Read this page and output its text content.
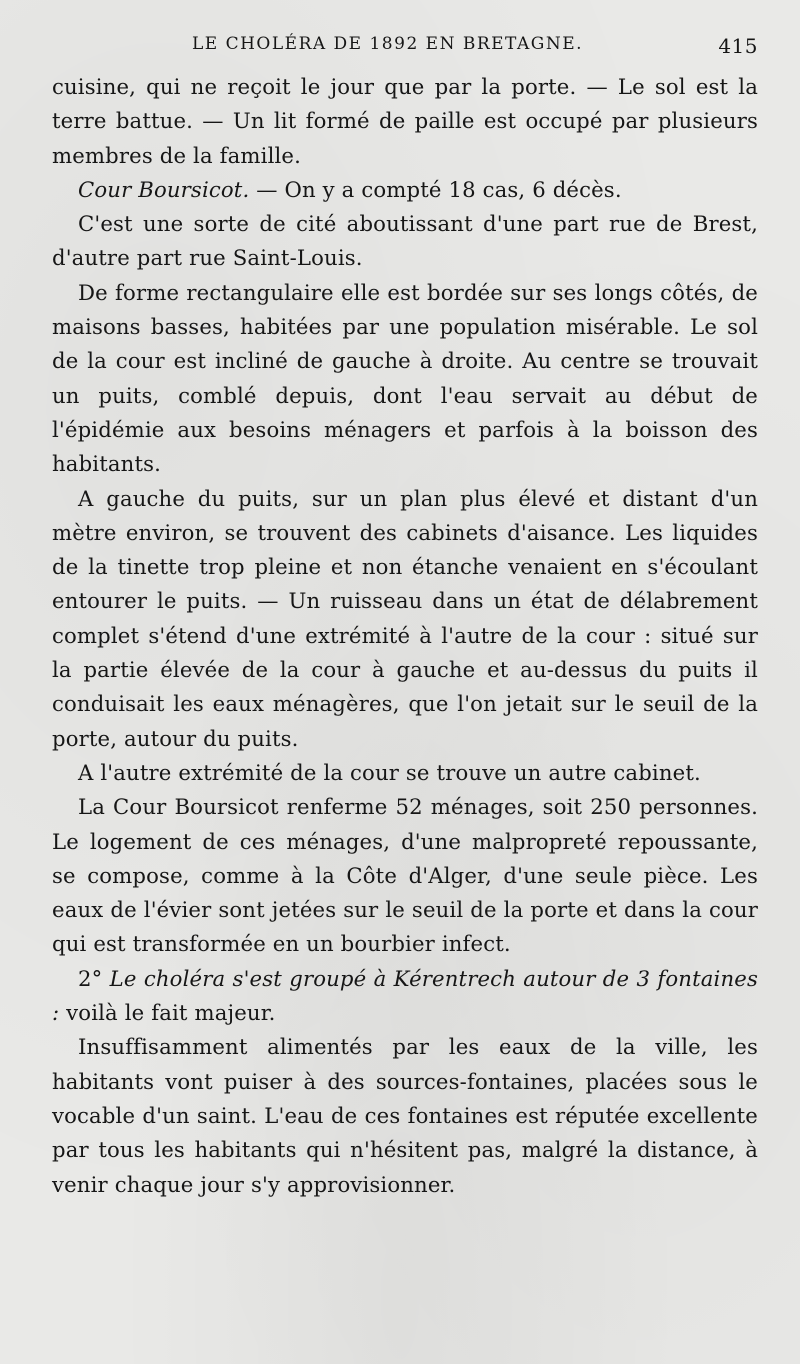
LE CHOLÉRA DE 1892 EN BRETAGNE.	415

cuisine, qui ne reçoit le jour que par la porte. — Le sol est la terre battue. — Un lit formé de paille est occupé par plusieurs membres de la famille.

Cour Boursicot. — On y a compté 18 cas, 6 décès.

C'est une sorte de cité aboutissant d'une part rue de Brest, d'autre part rue Saint-Louis.

De forme rectangulaire elle est bordée sur ses longs côtés, de maisons basses, habitées par une population misérable. Le sol de la cour est incliné de gauche à droite. Au centre se trouvait un puits, comblé depuis, dont l'eau servait au début de l'épidémie aux besoins ménagers et parfois à la boisson des habitants.

A gauche du puits, sur un plan plus élevé et distant d'un mètre environ, se trouvent des cabinets d'aisance. Les liquides de la tinette trop pleine et non étanche venaient en s'écoulant entourer le puits. — Un ruisseau dans un état de délabrement complet s'étend d'une extrémité à l'autre de la cour : situé sur la partie élevée de la cour à gauche et au-dessus du puits il conduisait les eaux ménagères, que l'on jetait sur le seuil de la porte, autour du puits.

A l'autre extrémité de la cour se trouve un autre cabinet.

La Cour Boursicot renferme 52 ménages, soit 250 personnes. Le logement de ces ménages, d'une malpropreté repoussante, se compose, comme à la Côte d'Alger, d'une seule pièce. Les eaux de l'évier sont jetées sur le seuil de la porte et dans la cour qui est transformée en un bourbier infect.

2° Le choléra s'est groupé à Kérentrech autour de 3 fontaines : voilà le fait majeur.

Insuffisamment alimentés par les eaux de la ville, les habitants vont puiser à des sources-fontaines, placées sous le vocable d'un saint. L'eau de ces fontaines est réputée excellente par tous les habitants qui n'hésitent pas, malgré la distance, à venir chaque jour s'y approvisionner.
